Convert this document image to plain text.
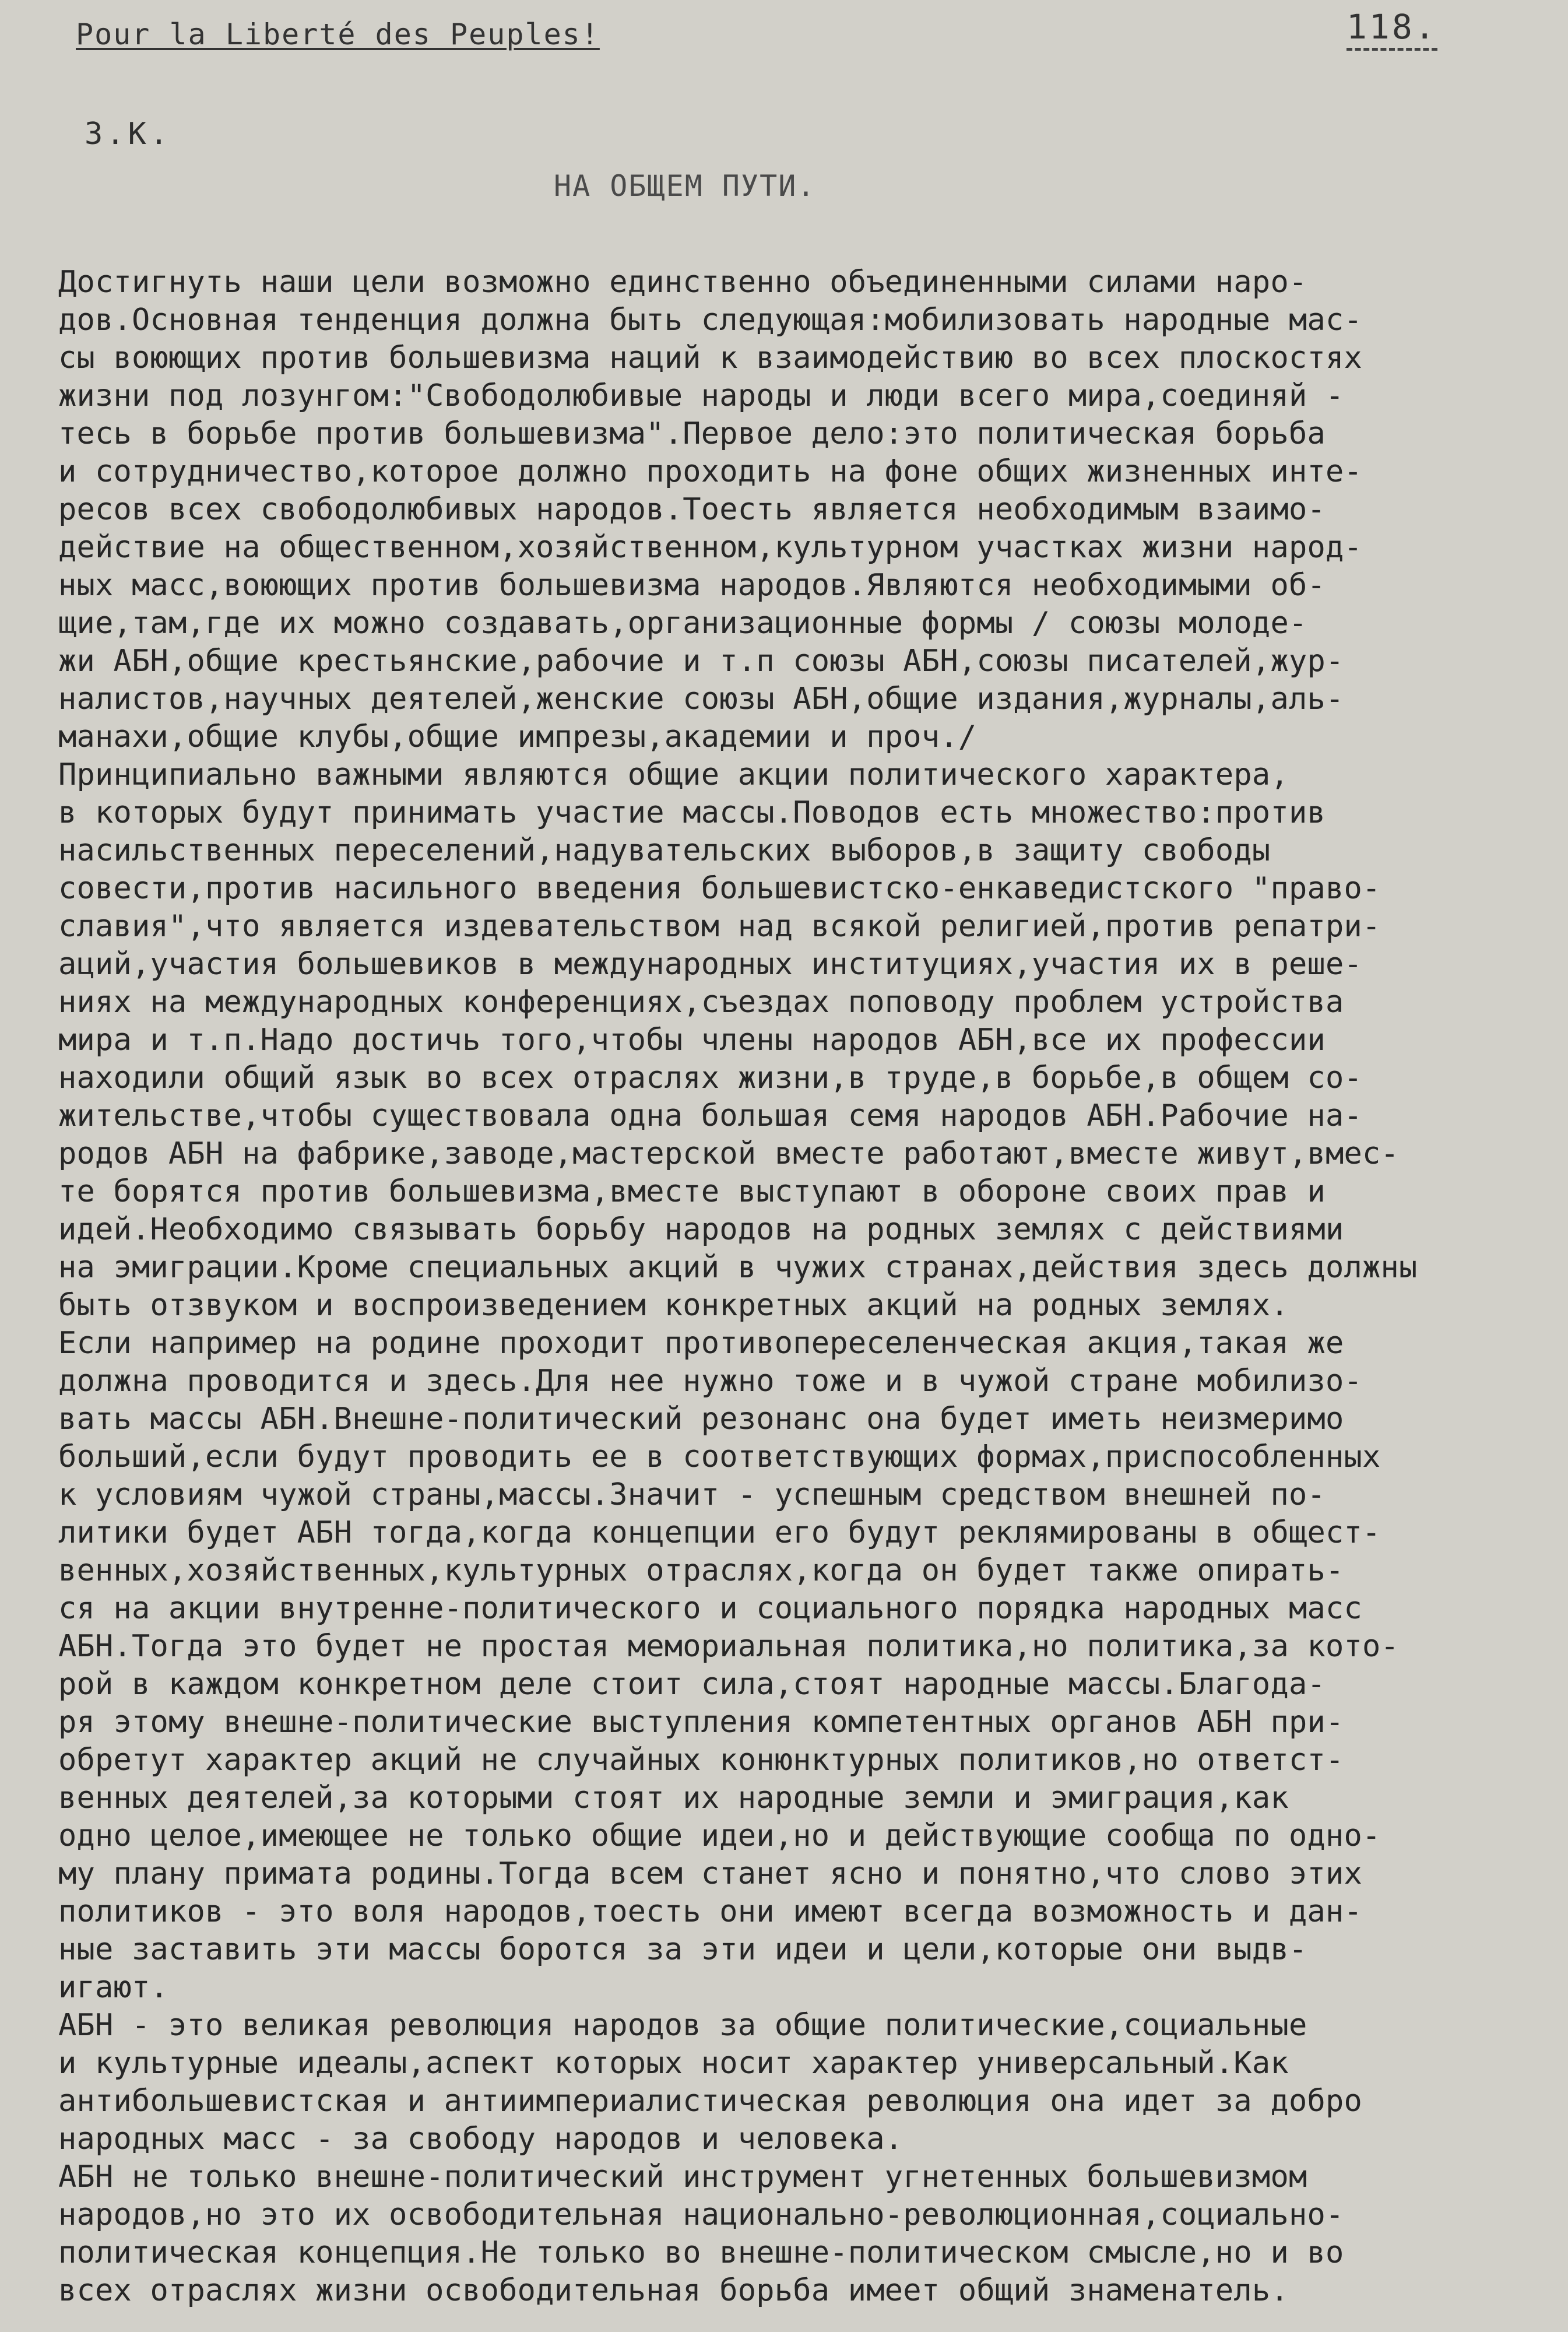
Pour la Liberté des Peuples!	118.
З.К.
НА ОБЩЕМ ПУТИ.
Достигнуть наши цели возможно единственно объединенными силами наро-
дов.Основная тенденция должна быть следующая:мобилизовать народные мас-
сы воюющих против большевизма наций к взаимодействию во всех плоскостях
жизни под лозунгом:"Свободолюбивые народы и люди всего мира,соединяй -
тесь в борьбе против большевизма".Первое дело:это политическая борьба
и сотрудничество,которое должно проходить на фоне общих жизненных инте-
ресов всех свободолюбивых народов.Тоесть является необходимым взаимо-
действие на общественном,хозяйственном,культурном участках жизни народ-
ных масс,воюющих против большевизма народов.Являются необходимыми об-
щие,там,где их можно создавать,организационные формы / союзы молоде-
жи АБН,общие крестьянские,рабочие и т.п союзы АБН,союзы писателей,жур-
налистов,научных деятелей,женские союзы АБН,общие издания,журналы,аль-
манахи,общие клубы,общие импрезы,академии и проч./
Принципиально важными являются общие акции политического характера,
в которых будут принимать участие массы.Поводов есть множество:против
насильственных переселений,надувательских выборов,в защиту свободы
совести,против насильного введения большевистско-енкаведистского "право-
славия",что является издевательством над всякой религией,против репатри-
аций,участия большевиков в международных институциях,участия их в реше-
ниях на международных конференциях,съездах поповоду проблем устройства
мира и т.п.Надо достичь того,чтобы члены народов АБН,все их профессии
находили общий язык во всех отраслях жизни,в труде,в борьбе,в общем со-
жительстве,чтобы существовала одна большая семя народов АБН.Рабочие на-
родов АБН на фабрике,заводе,мастерской вместе работают,вместе живут,вмес-
те борятся против большевизма,вместе выступают в обороне своих прав и
идей.Необходимо связывать борьбу народов на родных землях с действиями
на эмиграции.Кроме специальных акций в чужих странах,действия здесь должны
быть отзвуком и воспроизведением конкретных акций на родных землях.
Если например на родине проходит противопереселенческая акция,такая же
должна проводится и здесь.Для нее нужно тоже и в чужой стране мобилизо-
вать массы АБН.Внешне-политический резонанс она будет иметь неизмеримо
больший,если будут проводить ее в соответствующих формах,приспособленных
к условиям чужой страны,массы.Значит - успешным средством внешней по-
литики будет АБН тогда,когда концепции его будут реклямированы в общест-
венных,хозяйственных,культурных отраслях,когда он будет также опирать-
ся на акции внутренне-политического и социального порядка народных масс
АБН.Тогда это будет не простая мемориальная политика,но политика,за кото-
рой в каждом конкретном деле стоит сила,стоят народные массы.Благода-
ря этому внешне-политические выступления компетентных органов АБН при-
обретут характер акций не случайных конюнктурных политиков,но ответст-
венных деятелей,за которыми стоят их народные земли и эмиграция,как
одно целое,имеющее не только общие идеи,но и действующие сообща по одно-
му плану примата родины.Тогда всем станет ясно и понятно,что слово этих
политиков - это воля народов,тоесть они имеют всегда возможность и дан-
ные заставить эти массы боротся за эти идеи и цели,которые они выдв-
игают.
АБН - это великая революция народов за общие политические,социальные
и культурные идеалы,аспект которых носит характер универсальный.Как
антибольшевистская и антиимпериалистическая революция она идет за добро
народных масс - за свободу народов и человека.
АБН не только внешне-политический инструмент угнетенных большевизмом
народов,но это их освободительная национально-революционная,социально-
политическая концепция.Не только во внешне-политическом смысле,но и во
всех отраслях жизни освободительная борьба имеет общий знаменатель.
